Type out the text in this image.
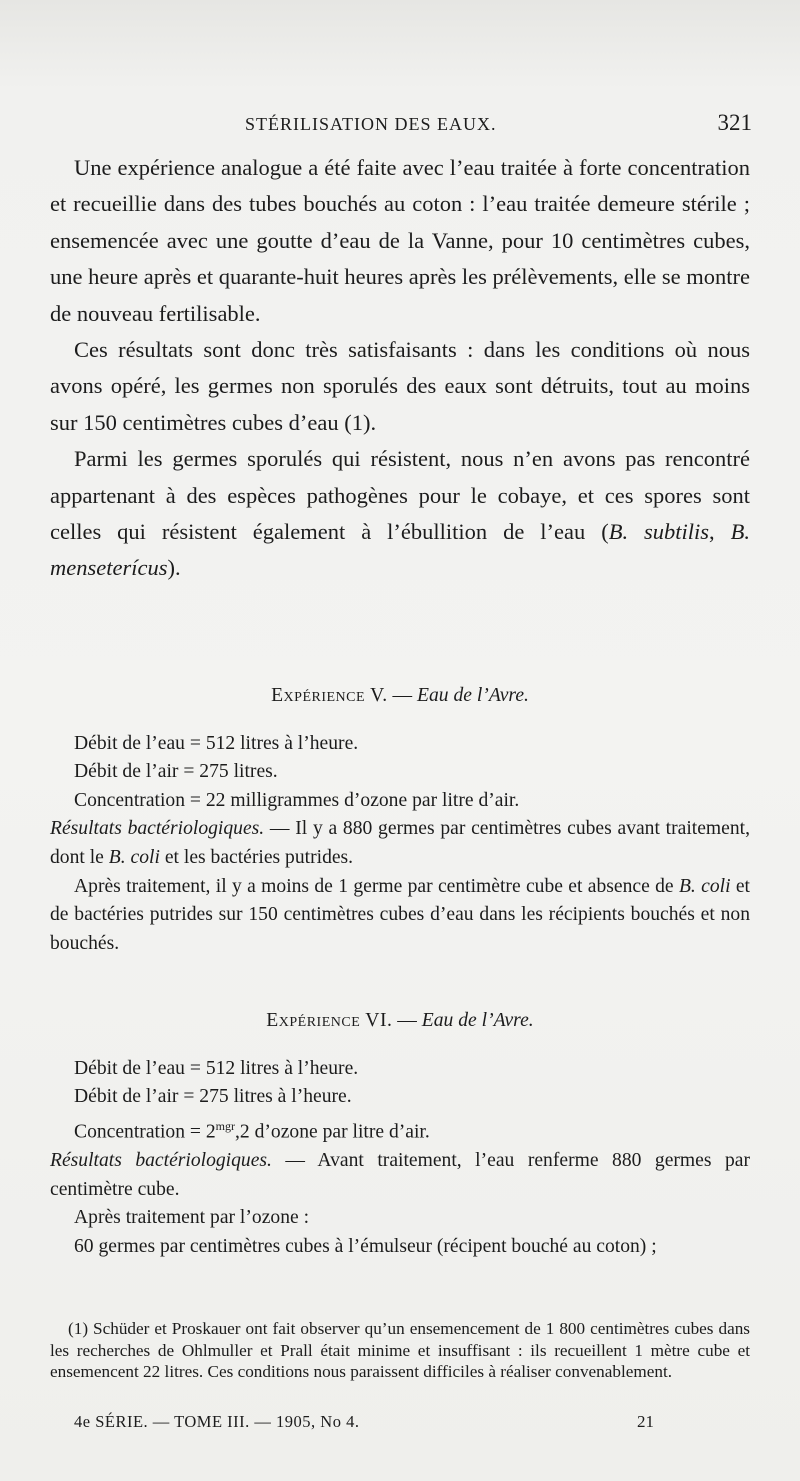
STÉRILISATION DES EAUX.	321

Une expérience analogue a été faite avec l’eau traitée à forte concentration et recueillie dans des tubes bouchés au coton : l’eau traitée demeure stérile ; ensemencée avec une goutte d’eau de la Vanne, pour 10 centimètres cubes, une heure après et quarante-huit heures après les prélèvements, elle se montre de nouveau fertilisable.

Ces résultats sont donc très satisfaisants : dans les conditions où nous avons opéré, les germes non sporulés des eaux sont détruits, tout au moins sur 150 centimètres cubes d’eau (1).

Parmi les germes sporulés qui résistent, nous n’en avons pas rencontré appartenant à des espèces pathogènes pour le cobaye, et ces spores sont celles qui résistent également à l’ébullition de l’eau (B. subtilis, B. menseterícus).

Expérience V. — Eau de l’Avre.

Débit de l’eau = 512 litres à l’heure.

Débit de l’air = 275 litres.

Concentration = 22 milligrammes d’ozone par litre d’air.

Résultats bactériologiques. — Il y a 880 germes par centimètres cubes avant traitement, dont le B. coli et les bactéries putrides.

Après traitement, il y a moins de 1 germe par centimètre cube et absence de B. coli et de bactéries putrides sur 150 centimètres cubes d’eau dans les récipients bouchés et non bouchés.

Expérience VI. — Eau de l’Avre.

Débit de l’eau = 512 litres à l’heure.

Débit de l’air = 275 litres à l’heure.

Concentration = $2^{mgr},2$ d’ozone par litre d’air.

Résultats bactériologiques. — Avant traitement, l’eau renferme 880 germes par centimètre cube.

Après traitement par l’ozone :

60 germes par centimètres cubes à l’émulseur (récipent bouché au coton) ;

(1) Schüder et Proskauer ont fait observer qu’un ensemencement de 1 800 centimètres cubes dans les recherches de Ohlmuller et Prall était minime et insuffisant : ils recueillent 1 mètre cube et ensemencent 22 litres. Ces conditions nous paraissent difficiles à réaliser convenablement.

4e SÉRIE. — TOME III. — 1905, No 4.	21
